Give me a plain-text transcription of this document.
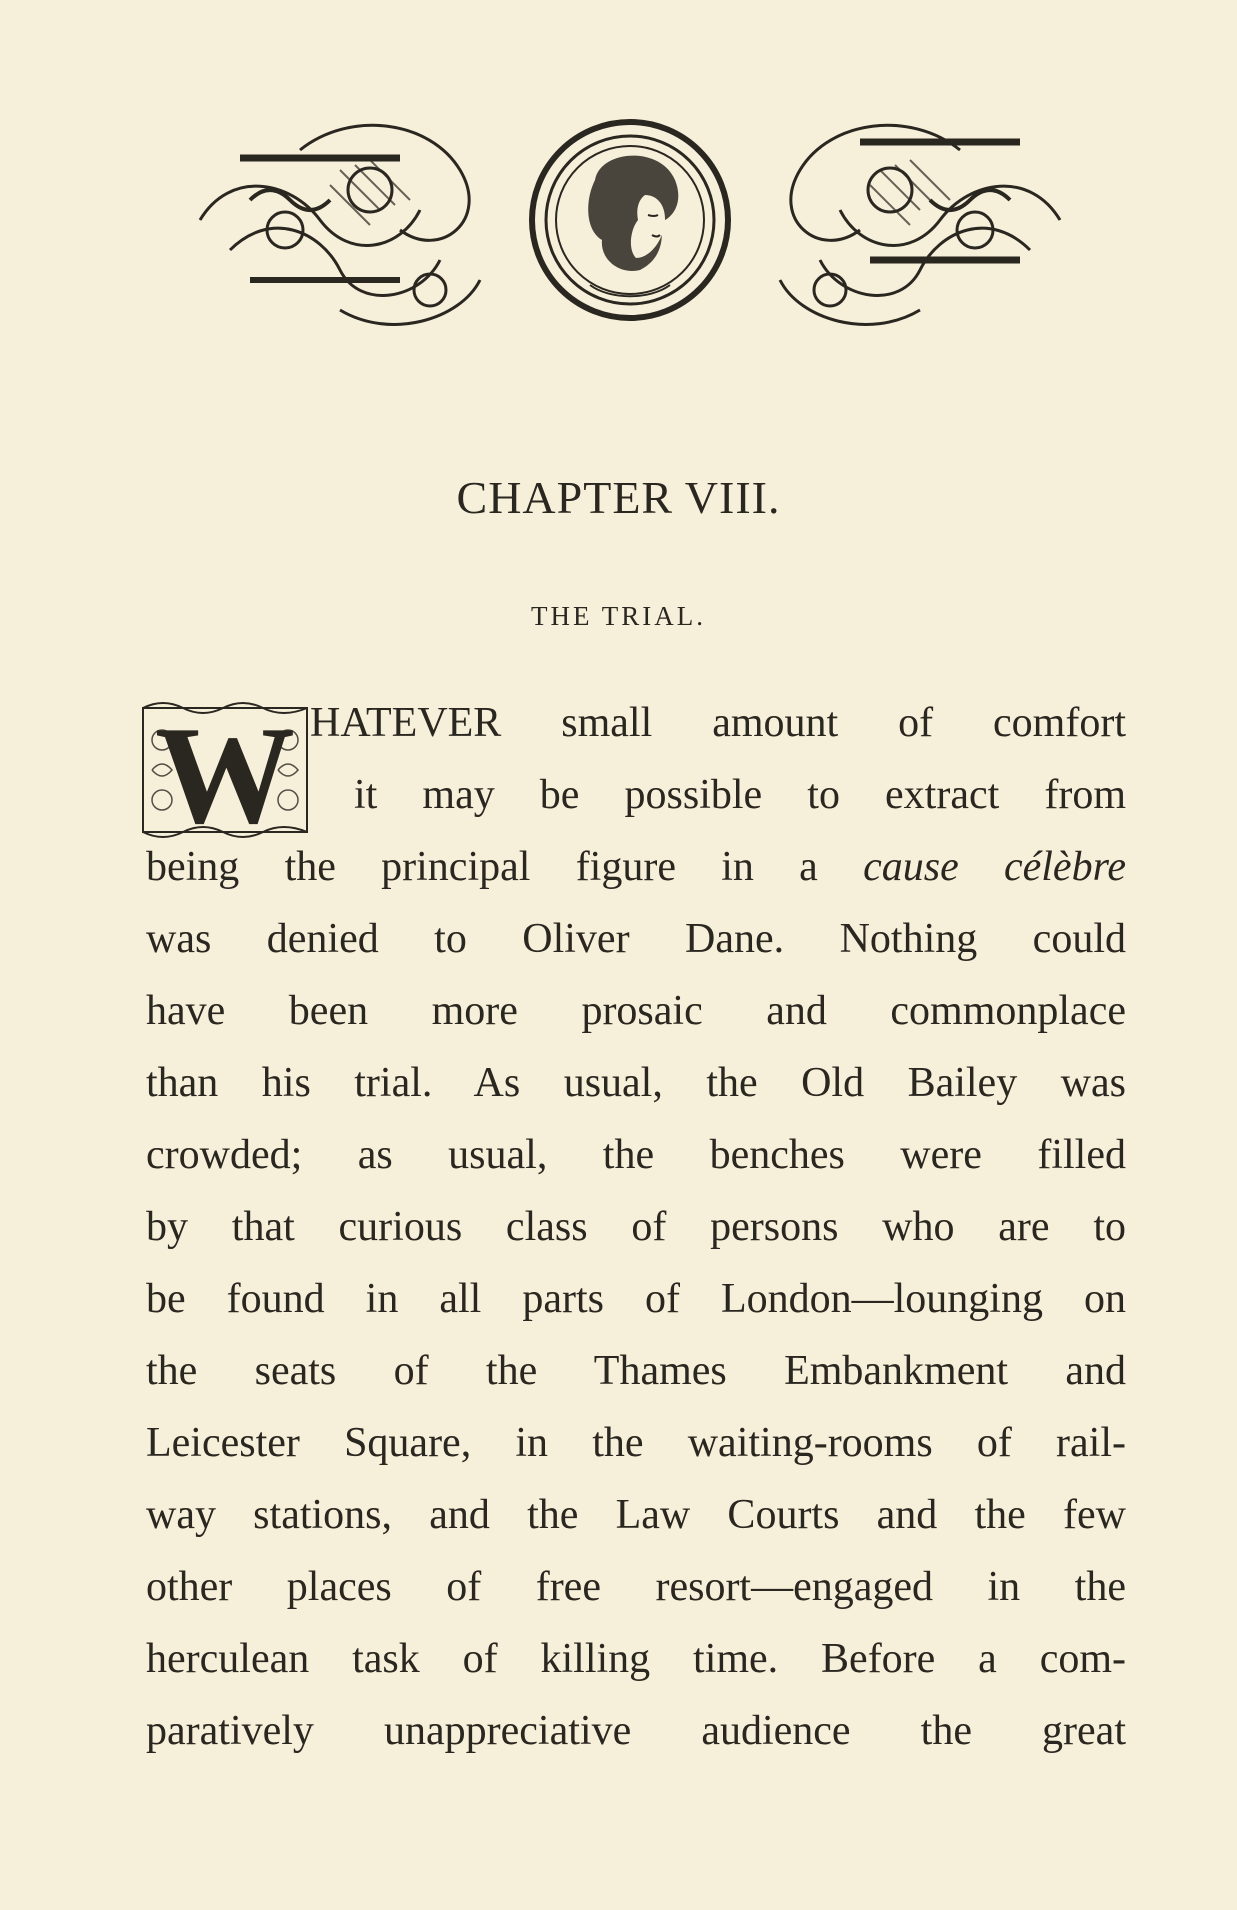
CHAPTER VIII.
THE TRIAL.
W HATEVER small amount of comfort
it may be possible to extract from
being the principal figure in a cause célèbre
was denied to Oliver Dane. Nothing could
have been more prosaic and commonplace
than his trial. As usual, the Old Bailey was
crowded; as usual, the benches were filled
by that curious class of persons who are to
be found in all parts of London—lounging on
the seats of the Thames Embankment and
Leicester Square, in the waiting-rooms of rail-
way stations, and the Law Courts and the few
other places of free resort—engaged in the
herculean task of killing time. Before a com-
paratively unappreciative audience the great
